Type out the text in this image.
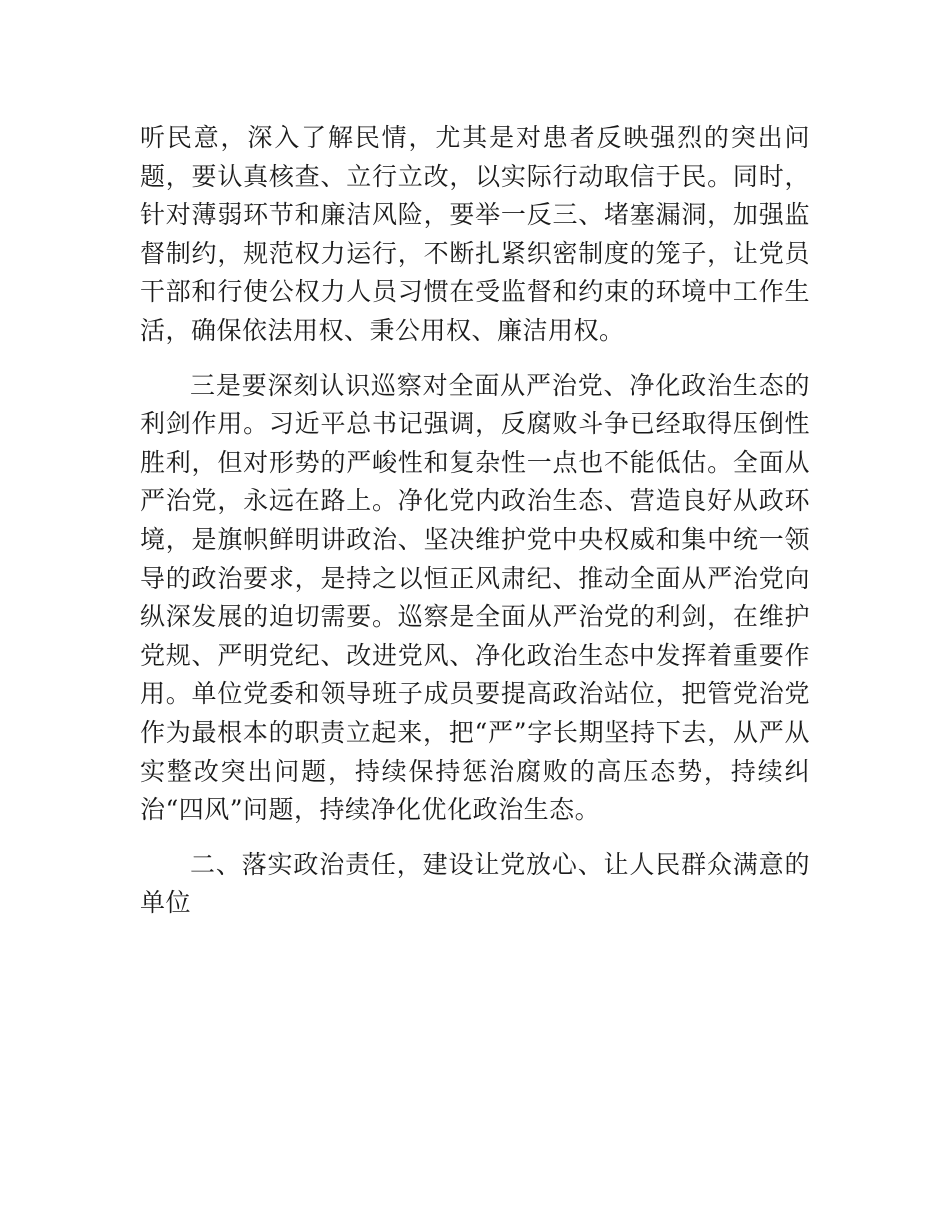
听民意，深入了解民情，尤其是对患者反映强烈的突出问题，要认真核查、立行立改，以实际行动取信于民。同时，针对薄弱环节和廉洁风险，要举一反三、堵塞漏洞，加强监督制约，规范权力运行，不断扎紧织密制度的笼子，让党员干部和行使公权力人员习惯在受监督和约束的环境中工作生活，确保依法用权、秉公用权、廉洁用权。

三是要深刻认识巡察对全面从严治党、净化政治生态的利剑作用。习近平总书记强调，反腐败斗争已经取得压倒性胜利，但对形势的严峻性和复杂性一点也不能低估。全面从严治党，永远在路上。净化党内政治生态、营造良好从政环境，是旗帜鲜明讲政治、坚决维护党中央权威和集中统一领导的政治要求，是持之以恒正风肃纪、推动全面从严治党向纵深发展的迫切需要。巡察是全面从严治党的利剑，在维护党规、严明党纪、改进党风、净化政治生态中发挥着重要作用。单位党委和领导班子成员要提高政治站位，把管党治党作为最根本的职责立起来，把“严”字长期坚持下去，从严从实整改突出问题，持续保持惩治腐败的高压态势，持续纠治“四风”问题，持续净化优化政治生态。

二、落实政治责任，建设让党放心、让人民群众满意的单位
